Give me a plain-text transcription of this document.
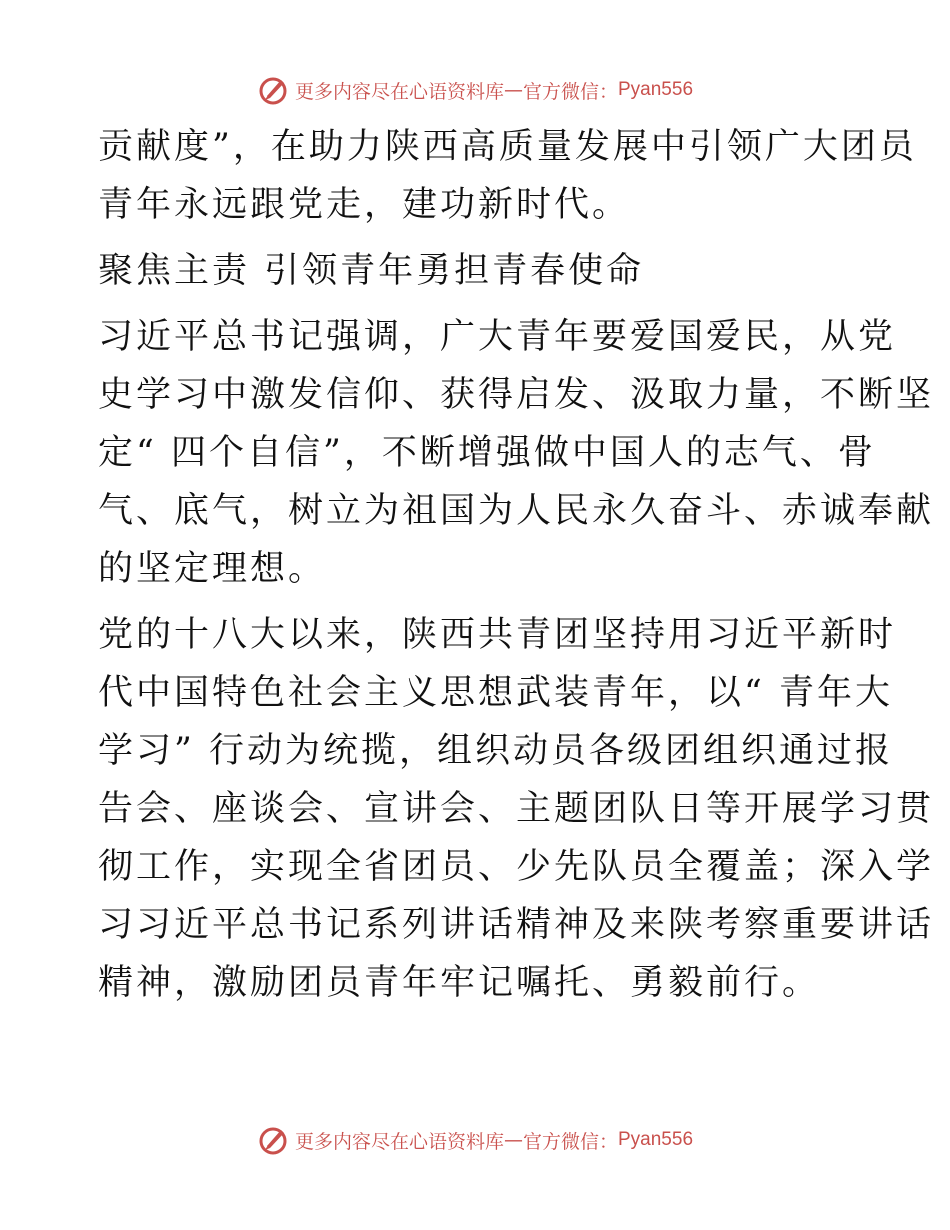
更多内容尽在心语资料库 — 官方微信： Pyan556
贡献度”，在助力陕西高质量发展中引领广大团员
青年永远跟党走，建功新时代。
聚焦主责 引领青年勇担青春使命
习近平总书记强调，广大青年要爱国爱民，从党
史学习中激发信仰、获得启发、汲取力量，不断坚
定“ 四个自信”，不断增强做中国人的志气、骨
气、底气，树立为祖国为人民永久奋斗、赤诚奉献
的坚定理想。
党的十八大以来，陕西共青团坚持用习近平新时
代中国特色社会主义思想武装青年，以“ 青年大
学习” 行动为统揽，组织动员各级团组织通过报
告会、座谈会、宣讲会、主题团队日等开展学习贯
彻工作，实现全省团员、少先队员全覆盖；深入学
习习近平总书记系列讲话精神及来陕考察重要讲话
精神，激励团员青年牢记嘱托、勇毅前行。
更多内容尽在心语资料库 — 官方微信： Pyan556
